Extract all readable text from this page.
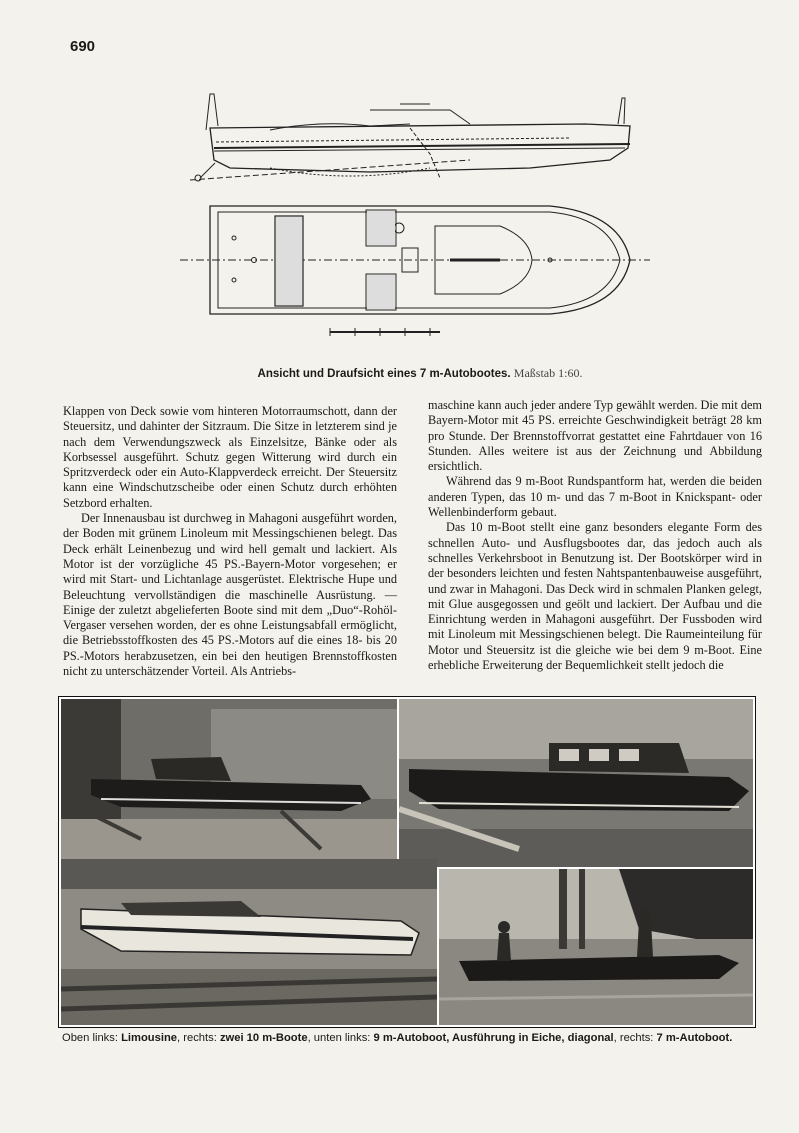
690
Ansicht und Draufsicht eines 7 m-Autobootes. Maßstab 1:60.

Klappen von Deck sowie vom hinteren Motorraumschott, dann der Steuersitz, und dahinter der Sitzraum. Die Sitze in letzterem sind je nach dem Verwendungszweck als Einzelsitze, Bänke oder als Korbsessel ausgeführt. Schutz gegen Witterung wird durch ein Spritzverdeck oder ein Auto-Klappverdeck erreicht. Der Steuersitz kann eine Windschutzscheibe oder einen Schutz durch erhöhten Setzbord erhalten.

Der Innenausbau ist durchweg in Mahagoni ausgeführt worden, der Boden mit grünem Linoleum mit Messingschienen belegt. Das Deck erhält Leinenbezug und wird hell gemalt und lackiert. Als Motor ist der vorzügliche 45 PS.-Bayern-Motor vorgesehen; er wird mit Start- und Lichtanlage ausgerüstet. Elektrische Hupe und Beleuchtung vervollständigen die maschinelle Ausrüstung. — Einige der zuletzt abgelieferten Boote sind mit dem „Duo“-Rohöl-Vergaser versehen worden, der es ohne Leistungsabfall ermöglicht, die Betriebsstoffkosten des 45 PS.-Motors auf die eines 18- bis 20 PS.-Motors herabzusetzen, ein bei den heutigen Brennstoffkosten nicht zu unterschätzender Vorteil. Als Antriebs-

maschine kann auch jeder andere Typ gewählt werden. Die mit dem Bayern-Motor mit 45 PS. erreichte Geschwindigkeit beträgt 28 km pro Stunde. Der Brennstoffvorrat gestattet eine Fahrtdauer von 16 Stunden. Alles weitere ist aus der Zeichnung und Abbildung ersichtlich.

Während das 9 m-Boot Rundspantform hat, werden die beiden anderen Typen, das 10 m- und das 7 m-Boot in Knickspant- oder Wellenbinderform gebaut.

Das 10 m-Boot stellt eine ganz besonders elegante Form des schnellen Auto- und Ausflugsbootes dar, das jedoch auch als schnelles Verkehrsboot in Benutzung ist. Der Bootskörper wird in der besonders leichten und festen Nahtspantenbauweise ausgeführt, und zwar in Mahagoni. Das Deck wird in schmalen Planken gelegt, mit Glue ausgegossen und geölt und lackiert. Der Aufbau und die Einrichtung werden in Mahagoni ausgeführt. Der Fussboden wird mit Linoleum mit Messingschienen belegt. Die Raumeinteilung für Motor und Steuersitz ist die gleiche wie bei dem 9 m-Boot. Eine erhebliche Erweiterung der Bequemlichkeit stellt jedoch die

Oben links: Limousine, rechts: zwei 10 m-Boote, unten links: 9 m-Autoboot, Ausführung in Eiche, diagonal, rechts: 7 m-Autoboot.
